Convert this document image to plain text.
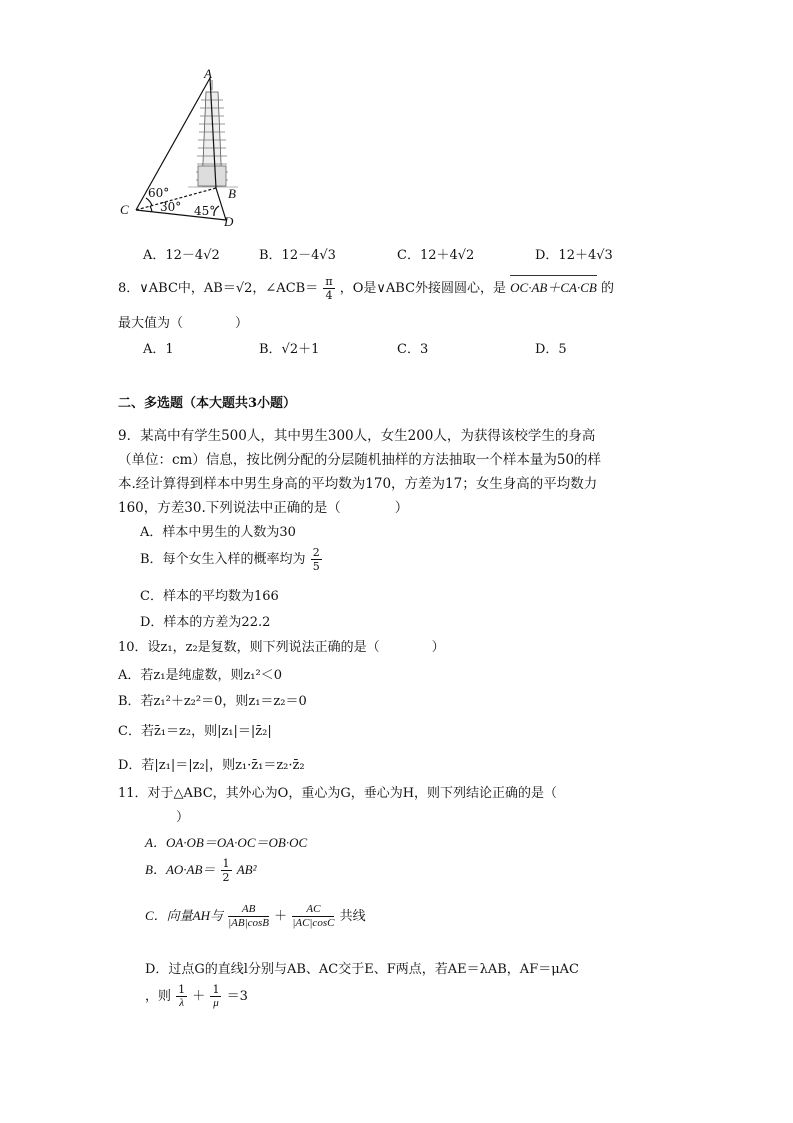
A
B
C
D
60°
30° 45°
A．12－4√2	B．12－4√3	C．12＋4√2	D．12＋4√3
8．∨ABC中，AB＝√2，∠ACB＝ $\frac{\pi}{4}$ ，O是∨ABC外接圆圆心，是 OC·AB＋CA·CB 的
最大值为（　　　　）
A．1	B．√2＋1	C．3	D．5
二、多选题（本大题共3小题）
9．某高中有学生500人，其中男生300人，女生200人，为获得该校学生的身高
（单位：cm）信息，按比例分配的分层随机抽样的方法抽取一个样本量为50的样
本.经计算得到样本中男生身高的平均数为170，方差为17；女生身高的平均数力
160，方差30.下列说法中正确的是（　　　　）
A．样本中男生的人数为30
B．每个女生入样的概率均为 $\frac{2}{5}$
C．样本的平均数为166
D．样本的方差为22.2
10．设z₁，z₂是复数，则下列说法正确的是（　　　　）
A．若z₁是纯虚数，则z₁²＜0
B．若z₁²＋z₂²＝0，则z₁＝z₂＝0
C．若z̄₁＝z₂，则|z₁|＝|z̄₂|
D．若|z₁|＝|z₂|，则z₁·z̄₁＝z₂·z̄₂
11．对于△ABC，其外心为O，重心为G，垂心为H，则下列结论正确的是（
）
A．OA·OB＝OA·OC＝OB·OC
B．$AO\cdot AB= \frac{1}{2} AB^2$
C．向量AH与 $\frac{AB}{|AB|\cos B} + \frac{AC}{|AC|\cos C}$ 共线
D．过点G的直线l分别与AB、AC交于E、F两点，若AE＝λAB，AF＝μAC
，则 $\frac{1}{\lambda} + \frac{1}{\mu} =3$
